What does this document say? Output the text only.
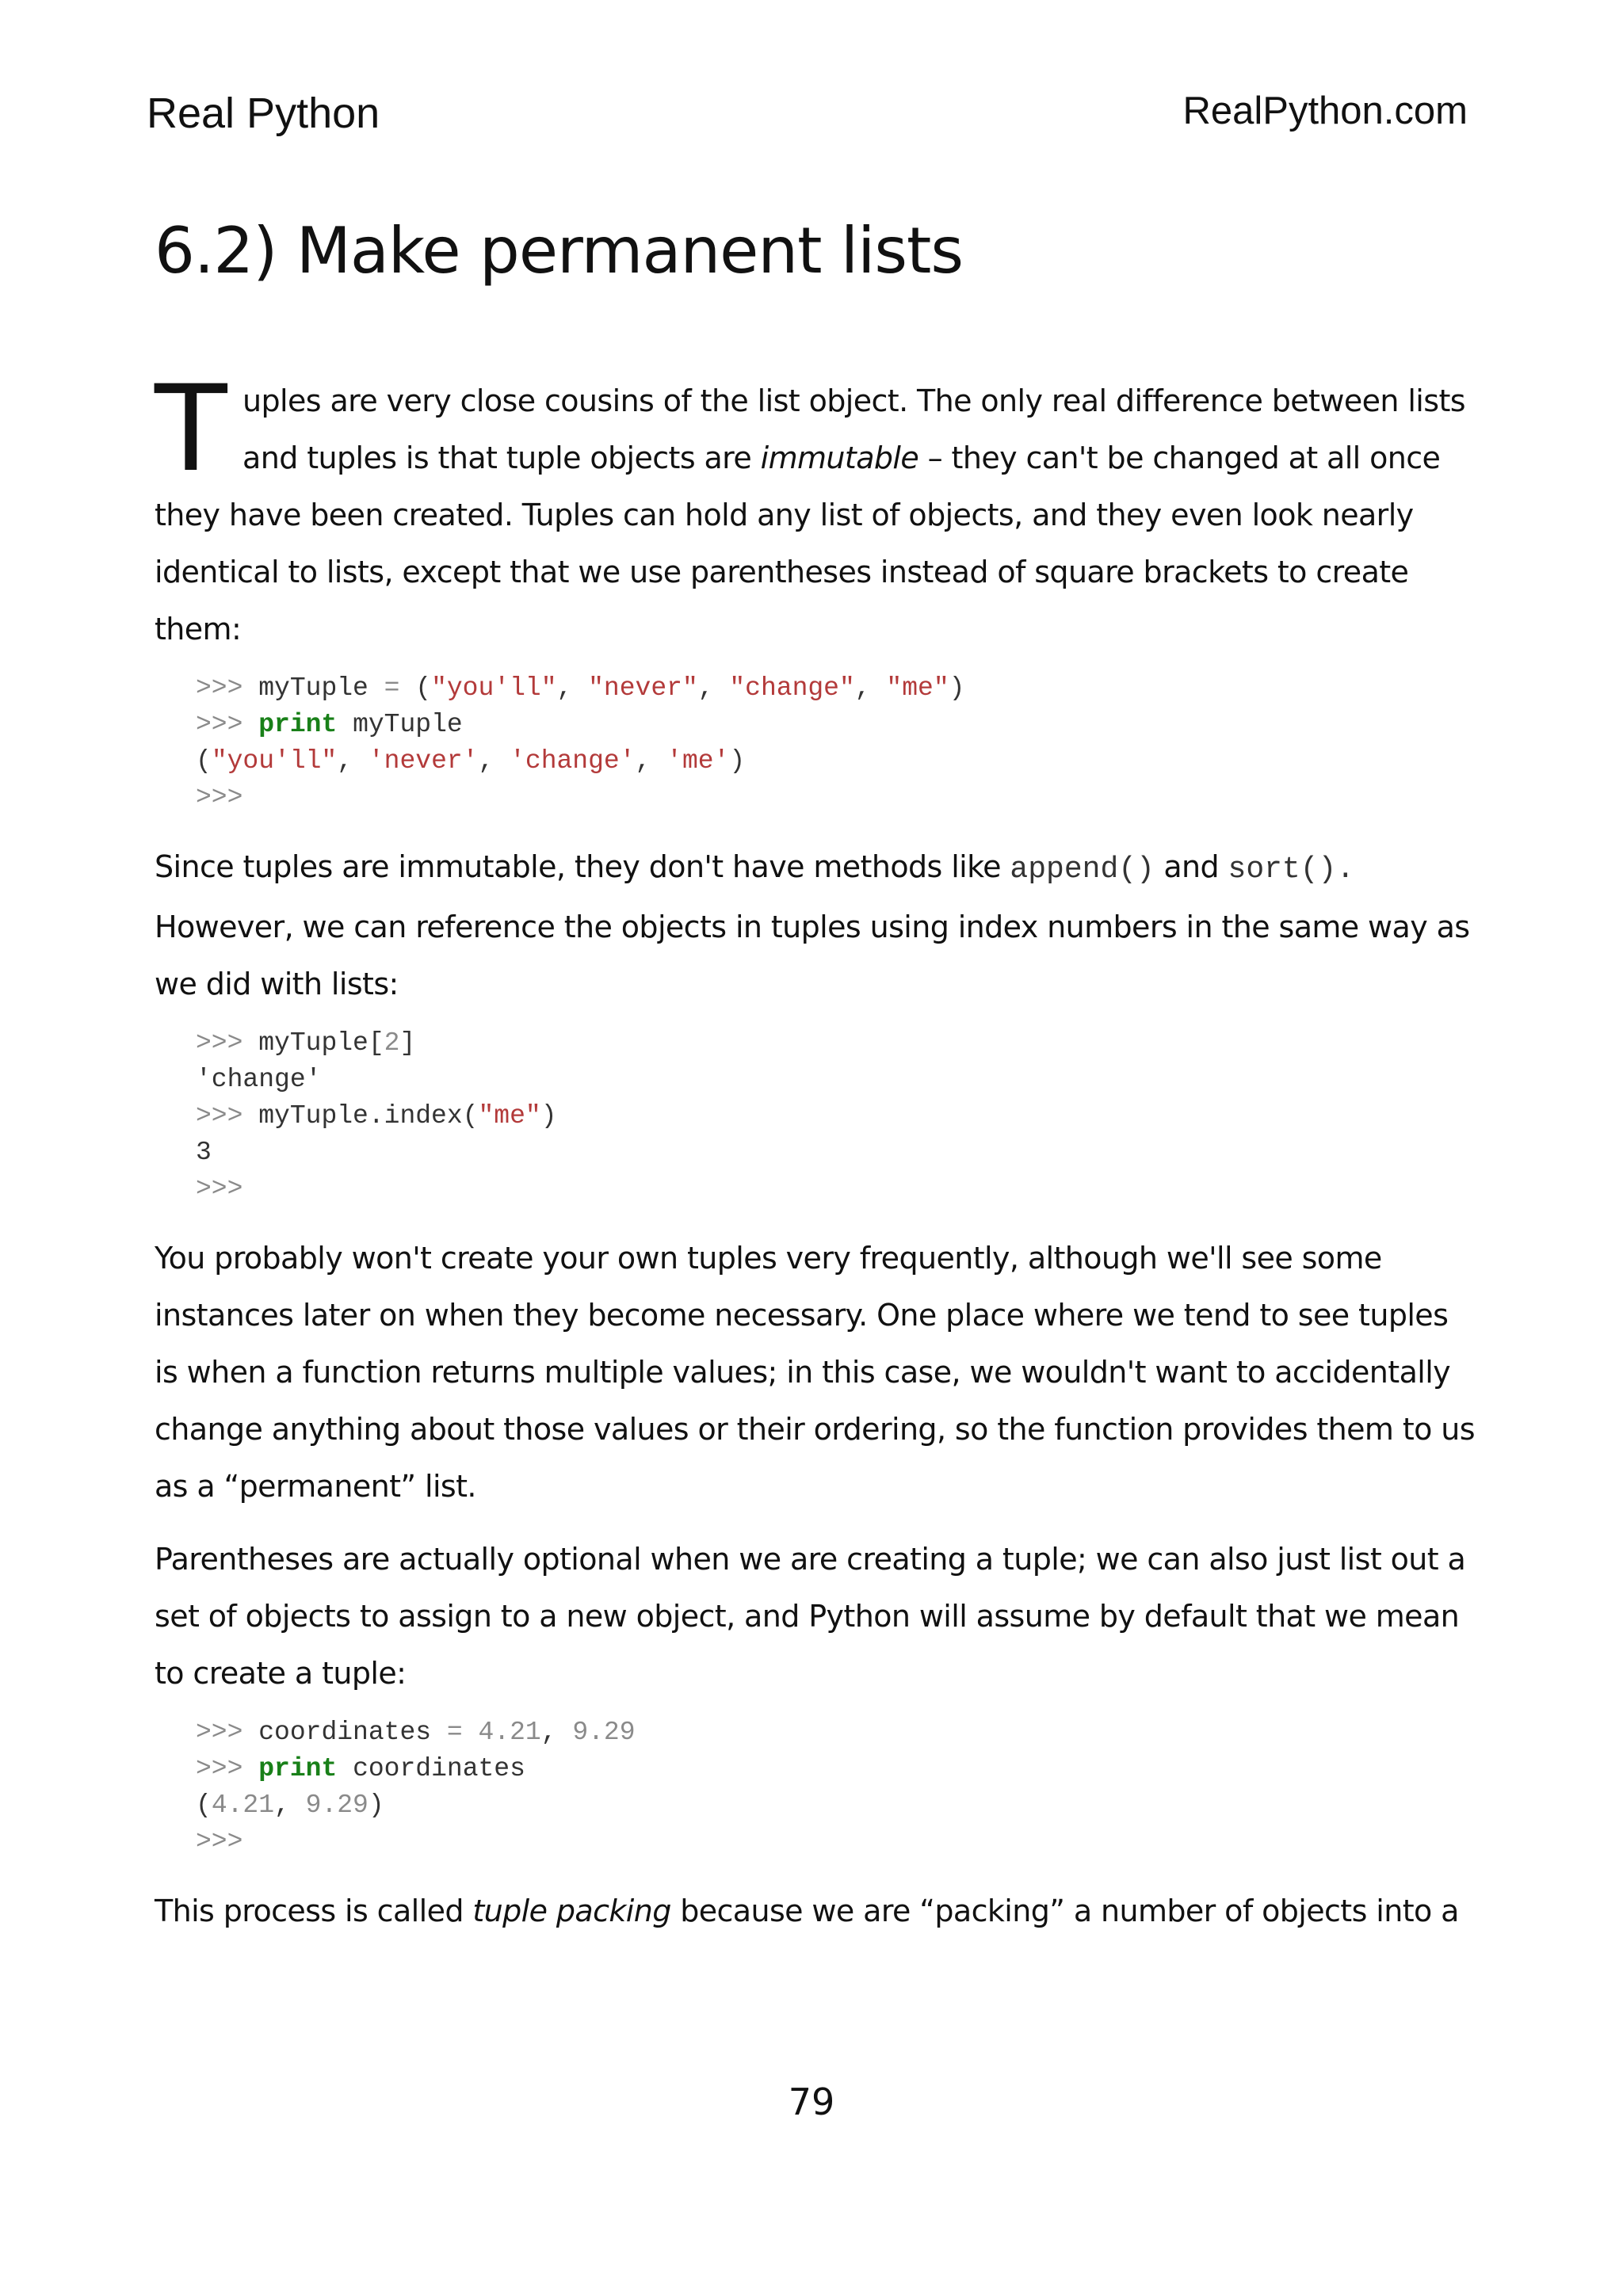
Real Python	RealPython.com
6.2) Make permanent lists

Tuples are very close cousins of the list object. The only real difference between lists and tuples is that tuple objects are immutable – they can't be changed at all once they have been created. Tuples can hold any list of objects, and they even look nearly identical to lists, except that we use parentheses instead of square brackets to create them:

>>> myTuple = ("you'll", "never", "change", "me")
>>> print myTuple
("you'll", 'never', 'change', 'me')
>>>

Since tuples are immutable, they don't have methods like append() and sort(). However, we can reference the objects in tuples using index numbers in the same way as we did with lists:

>>> myTuple[2]
'change'
>>> myTuple.index("me")
3
>>>

You probably won't create your own tuples very frequently, although we'll see some instances later on when they become necessary. One place where we tend to see tuples is when a function returns multiple values; in this case, we wouldn't want to accidentally change anything about those values or their ordering, so the function provides them to us as a “permanent” list.

Parentheses are actually optional when we are creating a tuple; we can also just list out a set of objects to assign to a new object, and Python will assume by default that we mean to create a tuple:

>>> coordinates = 4.21, 9.29
>>> print coordinates
(4.21, 9.29)
>>>

This process is called tuple packing because we are “packing” a number of objects into a

79
